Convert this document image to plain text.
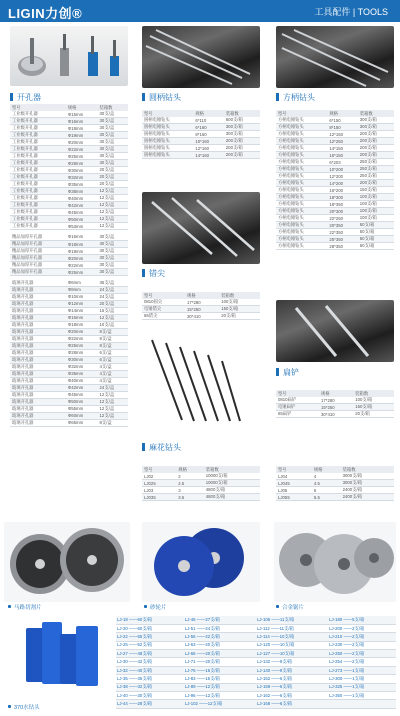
LIGIN力创®	工具配件 | TOOLS
开孔器
型号	规格	装箱数
工业级开孔器	Φ15mm	30支/盒
工业级开孔器	Φ16mm	30支/盒
工业级开孔器	Φ18mm	30支/盒
工业级开孔器	Φ19mm	30支/盒
工业级开孔器	Φ20mm	30支/盒
工业级开孔器	Φ22mm	30支/盒
工业级开孔器	Φ25mm	30支/盒
工业级开孔器	Φ28mm	30支/盒
工业级开孔器	Φ30mm	20支/盒
工业级开孔器	Φ32mm	20支/盒
工业级开孔器	Φ35mm	20支/盒
工业级开孔器	Φ38mm	12支/盒
工业级开孔器	Φ40mm	12支/盒
工业级开孔器	Φ42mm	12支/盒
工业级开孔器	Φ45mm	12支/盒
工业级开孔器	Φ50mm	12支/盒
工业级开孔器	Φ53mm	12支/盒

精品加厚开孔器	Φ16mm	30支/盒
精品加厚开孔器	Φ18mm	30支/盒
精品加厚开孔器	Φ19mm	30支/盒
精品加厚开孔器	Φ20mm	30支/盒
精品加厚开孔器	Φ22mm	30支/盒
精品加厚开孔器	Φ25mm	30支/盒

玻璃开孔器	Φ6mm	35支/盒
玻璃开孔器	Φ8mm	24支/盒
玻璃开孔器	Φ10mm	24支/盒
玻璃开孔器	Φ12mm	20支/盒
玻璃开孔器	Φ14mm	15支/盒
玻璃开孔器	Φ16mm	12支/盒
玻璃开孔器	Φ18mm	10支/盒
玻璃开孔器	Φ20mm	8支/盒
玻璃开孔器	Φ22mm	8支/盒
玻璃开孔器	Φ25mm	8支/盒
玻璃开孔器	Φ28mm	6支/盒
玻璃开孔器	Φ30mm	6支/盒
玻璃开孔器	Φ32mm	4支/盒
玻璃开孔器	Φ35mm	4支/盒
玻璃开孔器	Φ40mm	4支/盒
玻璃开孔器	Φ42mm	24支/盒
玻璃开孔器	Φ45mm	12支/盒
玻璃开孔器	Φ50mm	12支/盒
玻璃开孔器	Φ55mm	12支/盒
玻璃开孔器	Φ60mm	12支/盒
玻璃开孔器	Φ65mm	8支/盒
圆柄钻头
型号	规格	装箱数
圆柄电锤钻头	6*110	600支/箱
圆柄电锤钻头	6*160	300支/箱
圆柄电锤钻头	8*160	300支/箱
圆柄电锤钻头	10*160	200支/箱
圆柄电锤钻头	12*160	200支/箱
圆柄电锤钻头	14*160	200支/箱
错尖
型号	规格	装箱数
0810圆尖	17*280	100支/箱
电锤错尖	15*250	150支/箱
65错尖	30*410	20支/箱
麻花钻头
型号	规格	装箱数
LJ02	2	10000支/箱
LJ025	2.5	10000支/箱
LJ03	3	4800支/箱
LJ035	3.5	4800支/箱
方柄钻头
型号	规格	装箱数
方柄电锤钻头	6*150	300支/箱
方柄电锤钻头	8*150	300支/箱
方柄电锤钻头	12*150	200支/箱
方柄电锤钻头	12*250	200支/箱
方柄电锤钻头	14*150	200支/箱
方柄电锤钻头	16*150	200支/箱
方柄电锤钻头	6*203	250支/箱
方柄电锤钻头	10*200	250支/箱
方柄电锤钻头	12*200	250支/箱
方柄电锤钻头	14*200	200支/箱
方柄电锤钻头	16*200	150支/箱
方柄电锤钻头	18*300	100支/箱
方柄电锤钻头	18*350	100支/箱
方柄电锤钻头	20*300	100支/箱
方柄电锤钻头	22*250	100支/箱
方柄电锤钻头	20*350	50支/箱
方柄电锤钻头	22*350	50支/箱
方柄电锤钻头	25*350	50支/箱
方柄电锤钻头	28*350	50支/箱
扁铲
型号	规格	装箱数
0810扁铲	17*280	100支/箱
电锤扁铲	15*250	150支/箱
65扁铲	30*410	20支/箱
型号	规格	装箱数
LJ04	4	3000支/箱
LJ045	4.5	3000支/箱
LJ05	5	2400支/箱
LJ055	5.5	2400支/箱
马路切割片	砂轮片	合金锯片
370水钻头
LJ-18 ——60支/箱	LJ-46 ——27支/箱	LJ-106 ——11支/箱	LJ-180 ——5支/箱
LJ-20 ——60支/箱	LJ-51 ——24支/箱	LJ-112 ——11支/箱	LJ-200 ——2支/箱
LJ-22 ——55支/箱	LJ-56 ——22支/箱	LJ-114 ——10支/箱	LJ-210 ——2支/箱
LJ-25 ——52支/箱	LJ-63 ——20支/箱	LJ-120 ——10支/箱	LJ-230 ——2支/箱
LJ-27 ——48支/箱	LJ-66 ——20支/箱	LJ-127 ——10支/箱	LJ-250 ——2支/箱
LJ-30 ——42支/箱	LJ-71 ——20支/箱	LJ-132 ——9支/箱	LJ-254 ——2支/箱
LJ-32 ——40支/箱	LJ-76 ——16支/箱	LJ-140 ——9支/箱	LJ-273 ——1支/箱
LJ-35 ——35支/箱	LJ-83 ——15支/箱	LJ-152 ——6支/箱	LJ-300 ——1支/箱
LJ-38 ——32支/箱	LJ-89 ——12支/箱	LJ-159 ——6支/箱	LJ-325 ——1支/箱
LJ-40 ——30支/箱	LJ-96 ——12支/箱	LJ-162 ——6支/箱	LJ-350 ——1支/箱
LJ-44 ——28支/箱	LJ-102 ——12支/箱	LJ-168 ——6支/箱	
